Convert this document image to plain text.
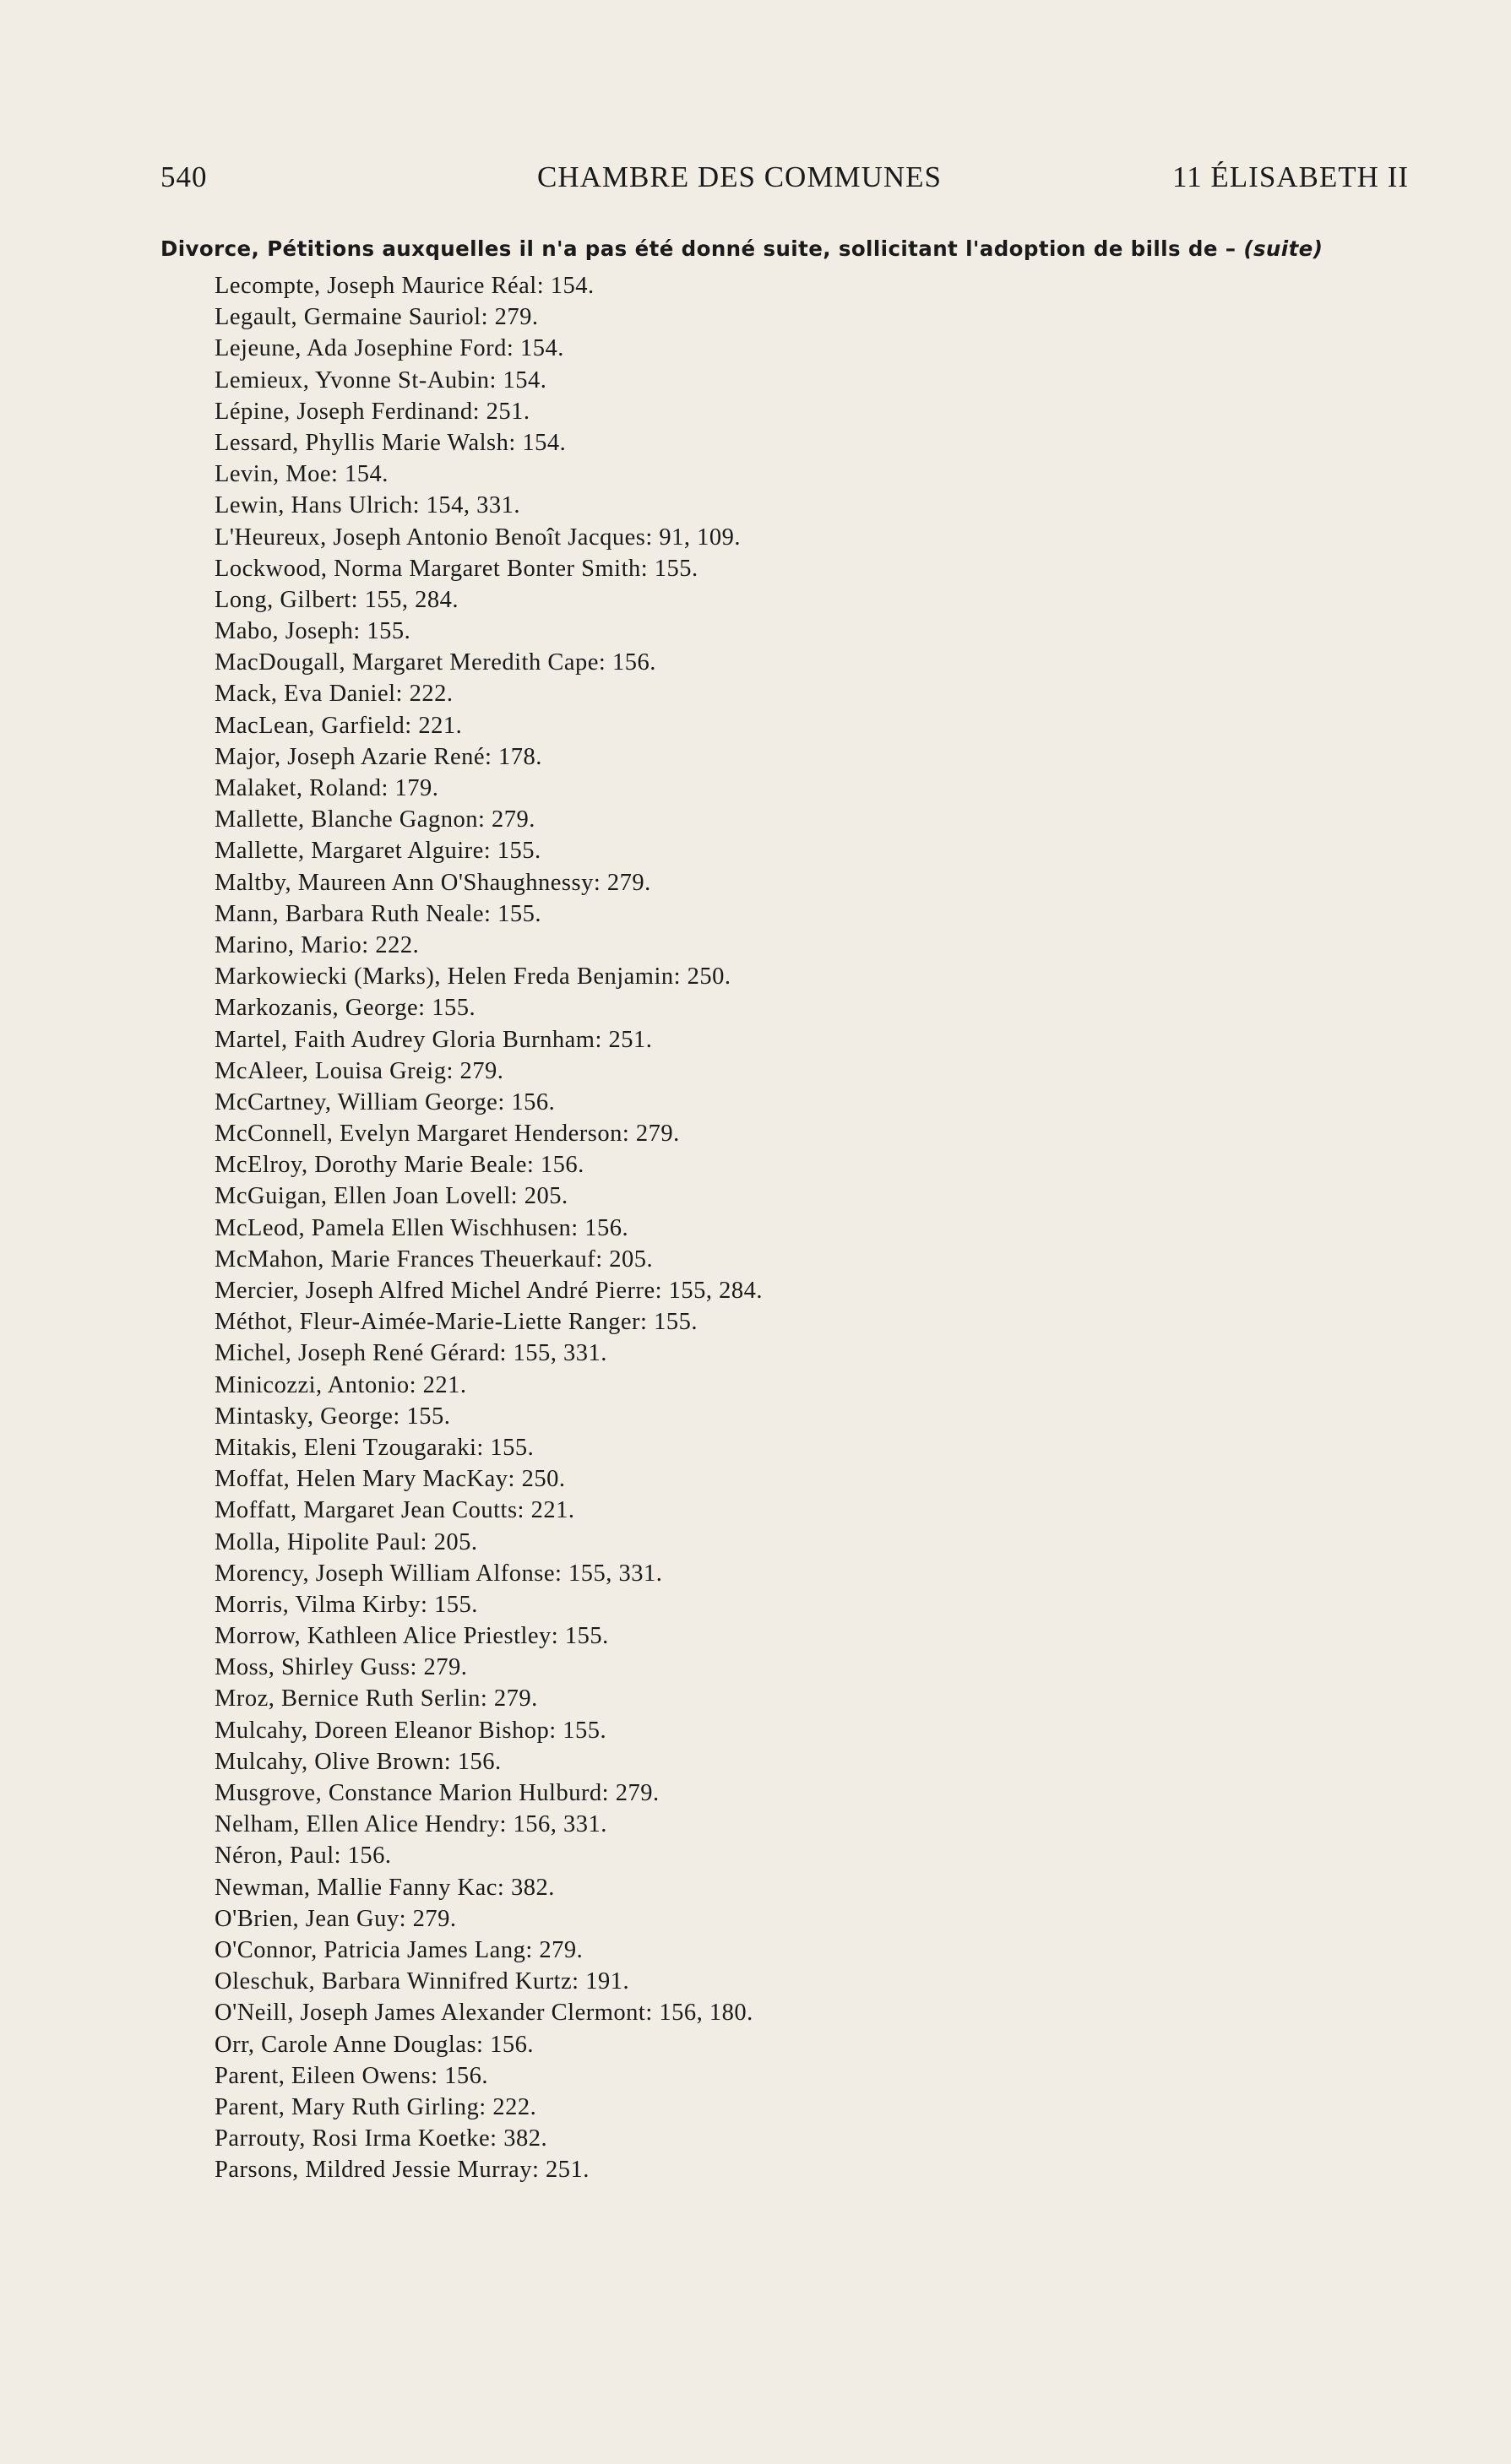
540	CHAMBRE DES COMMUNES	11 ÉLISABETH II
Divorce, Pétitions auxquelles il n'a pas été donné suite, sollicitant l'adoption de bills de – (suite)
Lecompte, Joseph Maurice Réal: 154.
Legault, Germaine Sauriol: 279.
Lejeune, Ada Josephine Ford: 154.
Lemieux, Yvonne St-Aubin: 154.
Lépine, Joseph Ferdinand: 251.
Lessard, Phyllis Marie Walsh: 154.
Levin, Moe: 154.
Lewin, Hans Ulrich: 154, 331.
L'Heureux, Joseph Antonio Benoît Jacques: 91, 109.
Lockwood, Norma Margaret Bonter Smith: 155.
Long, Gilbert: 155, 284.
Mabo, Joseph: 155.
MacDougall, Margaret Meredith Cape: 156.
Mack, Eva Daniel: 222.
MacLean, Garfield: 221.
Major, Joseph Azarie René: 178.
Malaket, Roland: 179.
Mallette, Blanche Gagnon: 279.
Mallette, Margaret Alguire: 155.
Maltby, Maureen Ann O'Shaughnessy: 279.
Mann, Barbara Ruth Neale: 155.
Marino, Mario: 222.
Markowiecki (Marks), Helen Freda Benjamin: 250.
Markozanis, George: 155.
Martel, Faith Audrey Gloria Burnham: 251.
McAleer, Louisa Greig: 279.
McCartney, William George: 156.
McConnell, Evelyn Margaret Henderson: 279.
McElroy, Dorothy Marie Beale: 156.
McGuigan, Ellen Joan Lovell: 205.
McLeod, Pamela Ellen Wischhusen: 156.
McMahon, Marie Frances Theuerkauf: 205.
Mercier, Joseph Alfred Michel André Pierre: 155, 284.
Méthot, Fleur-Aimée-Marie-Liette Ranger: 155.
Michel, Joseph René Gérard: 155, 331.
Minicozzi, Antonio: 221.
Mintasky, George: 155.
Mitakis, Eleni Tzougaraki: 155.
Moffat, Helen Mary MacKay: 250.
Moffatt, Margaret Jean Coutts: 221.
Molla, Hipolite Paul: 205.
Morency, Joseph William Alfonse: 155, 331.
Morris, Vilma Kirby: 155.
Morrow, Kathleen Alice Priestley: 155.
Moss, Shirley Guss: 279.
Mroz, Bernice Ruth Serlin: 279.
Mulcahy, Doreen Eleanor Bishop: 155.
Mulcahy, Olive Brown: 156.
Musgrove, Constance Marion Hulburd: 279.
Nelham, Ellen Alice Hendry: 156, 331.
Néron, Paul: 156.
Newman, Mallie Fanny Kac: 382.
O'Brien, Jean Guy: 279.
O'Connor, Patricia James Lang: 279.
Oleschuk, Barbara Winnifred Kurtz: 191.
O'Neill, Joseph James Alexander Clermont: 156, 180.
Orr, Carole Anne Douglas: 156.
Parent, Eileen Owens: 156.
Parent, Mary Ruth Girling: 222.
Parrouty, Rosi Irma Koetke: 382.
Parsons, Mildred Jessie Murray: 251.
